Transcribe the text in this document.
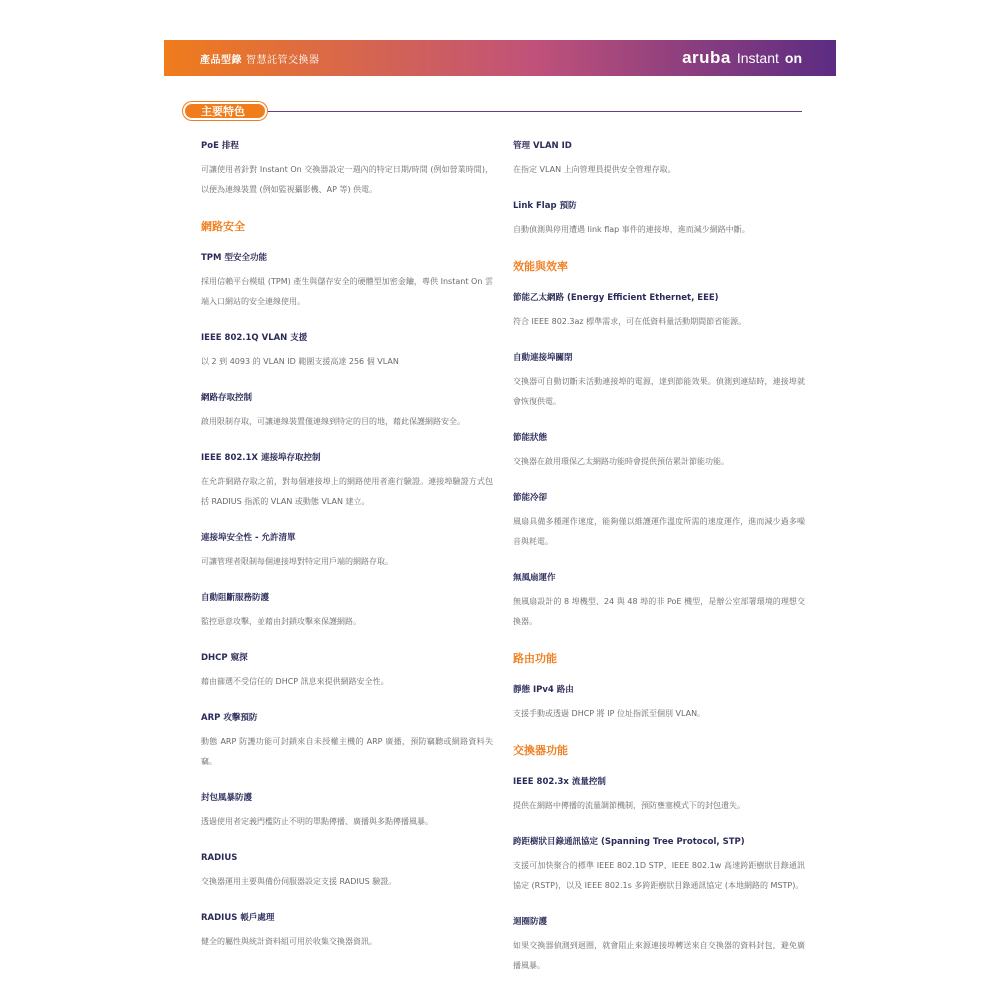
產品型錄 智慧託管交換器	aruba Instant on
主要特色

PoE 排程

可讓使用者針對 Instant On 交換器設定一週內的特定日期/時間 (例如營業時間)，以便為連線裝置 (例如監視攝影機、AP 等) 供電。

網路安全

TPM 型安全功能

採用信賴平台模組 (TPM) 產生與儲存安全的硬體型加密金鑰，專供 Instant On 雲端入口網站的安全連線使用。

IEEE 802.1Q VLAN 支援

以 2 到 4093 的 VLAN ID 範圍支援高達 256 個 VLAN

網路存取控制

啟用限制存取，可讓連線裝置僅連線到特定的目的地，藉此保護網路安全。

IEEE 802.1X 連接埠存取控制

在允許網路存取之前，對每個連接埠上的網路使用者進行驗證。連接埠驗證方式包括 RADIUS 指派的 VLAN 或動態 VLAN 建立。

連接埠安全性 - 允許清單

可讓管理者限制每個連接埠對特定用戶端的網路存取。

自動阻斷服務防護

監控惡意攻擊，並藉由封鎖攻擊來保護網路。

DHCP 窺探

藉由篩選不受信任的 DHCP 訊息來提供網路安全性。

ARP 攻擊預防

動態 ARP 防護功能可封鎖來自未授權主機的 ARP 廣播，預防竊聽或網路資料失竊。

封包風暴防護

透過使用者定義門檻防止不明的單點傳播、廣播與多點傳播風暴。

RADIUS

交換器運用主要與備份伺服器設定支援 RADIUS 驗證。

RADIUS 帳戶處理

健全的屬性與統計資料組可用於收集交換器資訊。

管理 VLAN ID

在指定 VLAN 上向管理員提供安全管理存取。

Link Flap 預防

自動偵測與停用遭遇 link flap 事件的連接埠，進而減少網路中斷。

效能與效率

節能乙太網路 (Energy Efficient Ethernet, EEE)

符合 IEEE 802.3az 標準需求，可在低資料量活動期間節省能源。

自動連接埠關閉

交換器可自動切斷未活動連接埠的電源，達到節能效果。偵測到連結時，連接埠就會恢復供電。

節能狀態

交換器在啟用環保乙太網路功能時會提供預估累計節能功能。

節能冷卻

風扇具備多種運作速度，能夠僅以維護運作溫度所需的速度運作，進而減少過多噪音與耗電。

無風扇運作

無風扇設計的 8 埠機型、24 與 48 埠的非 PoE 機型，是辦公室部署環境的理想交換器。

路由功能

靜態 IPv4 路由

支援手動或透過 DHCP 將 IP 位址指派至個別 VLAN。

交換器功能

IEEE 802.3x 流量控制

提供在網路中傳播的流量調節機制，預防壅塞模式下的封包遺失。

跨距樹狀目錄通訊協定 (Spanning Tree Protocol, STP)

支援可加快聚合的標準 IEEE 802.1D STP、IEEE 802.1w 高速跨距樹狀目錄通訊協定 (RSTP)，以及 IEEE 802.1s 多跨距樹狀目錄通訊協定 (本地網路的 MSTP)。

迴圈防護

如果交換器偵測到迴圈，就會阻止來源連接埠轉送來自交換器的資料封包，避免廣播風暴。
